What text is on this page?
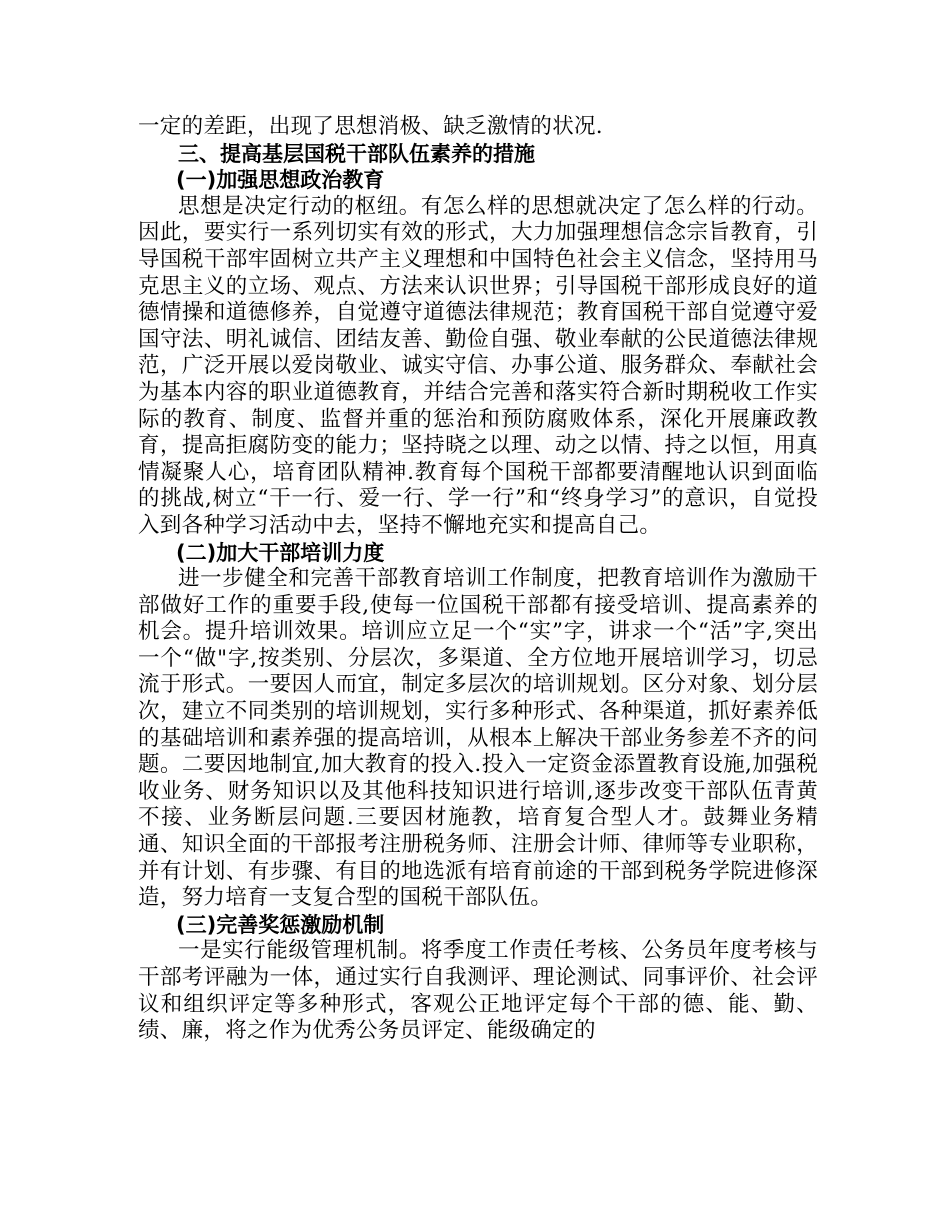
一定的差距，出现了思想消极、缺乏激情的状况.

三、提高基层国税干部队伍素养的措施
(一)加强思想政治教育

思想是决定行动的枢纽。有怎么样的思想就决定了怎么样的行动。因此，要实行一系列切实有效的形式，大力加强理想信念宗旨教育，引导国税干部牢固树立共产主义理想和中国特色社会主义信念，坚持用马克思主义的立场、观点、方法来认识世界；引导国税干部形成良好的道德情操和道德修养，自觉遵守道德法律规范；教育国税干部自觉遵守爱国守法、明礼诚信、团结友善、勤俭自强、敬业奉献的公民道德法律规范，广泛开展以爱岗敬业、诚实守信、办事公道、服务群众、奉献社会为基本内容的职业道德教育，并结合完善和落实符合新时期税收工作实际的教育、制度、监督并重的惩治和预防腐败体系，深化开展廉政教育，提高拒腐防变的能力；坚持晓之以理、动之以情、持之以恒，用真情凝聚人心，培育团队精神.教育每个国税干部都要清醒地认识到面临的挑战,树立“干一行、爱一行、学一行”和“终身学习”的意识，自觉投入到各种学习活动中去，坚持不懈地充实和提高自己。

(二)加大干部培训力度

进一步健全和完善干部教育培训工作制度，把教育培训作为激励干部做好工作的重要手段,使每一位国税干部都有接受培训、提高素养的机会。提升培训效果。培训应立足一个“实”字，讲求一个“活”字,突出一个“做"字,按类别、分层次，多渠道、全方位地开展培训学习，切忌流于形式。一要因人而宜，制定多层次的培训规划。区分对象、划分层次，建立不同类别的培训规划，实行多种形式、各种渠道，抓好素养低的基础培训和素养强的提高培训，从根本上解决干部业务参差不齐的问题。二要因地制宜,加大教育的投入.投入一定资金添置教育设施,加强税收业务、财务知识以及其他科技知识进行培训,逐步改变干部队伍青黄不接、业务断层问题.三要因材施教，培育复合型人才。鼓舞业务精通、知识全面的干部报考注册税务师、注册会计师、律师等专业职称，并有计划、有步骤、有目的地选派有培育前途的干部到税务学院进修深造，努力培育一支复合型的国税干部队伍。

(三)完善奖惩激励机制

一是实行能级管理机制。将季度工作责任考核、公务员年度考核与干部考评融为一体，通过实行自我测评、理论测试、同事评价、社会评议和组织评定等多种形式，客观公正地评定每个干部的德、能、勤、绩、廉，将之作为优秀公务员评定、能级确定的
